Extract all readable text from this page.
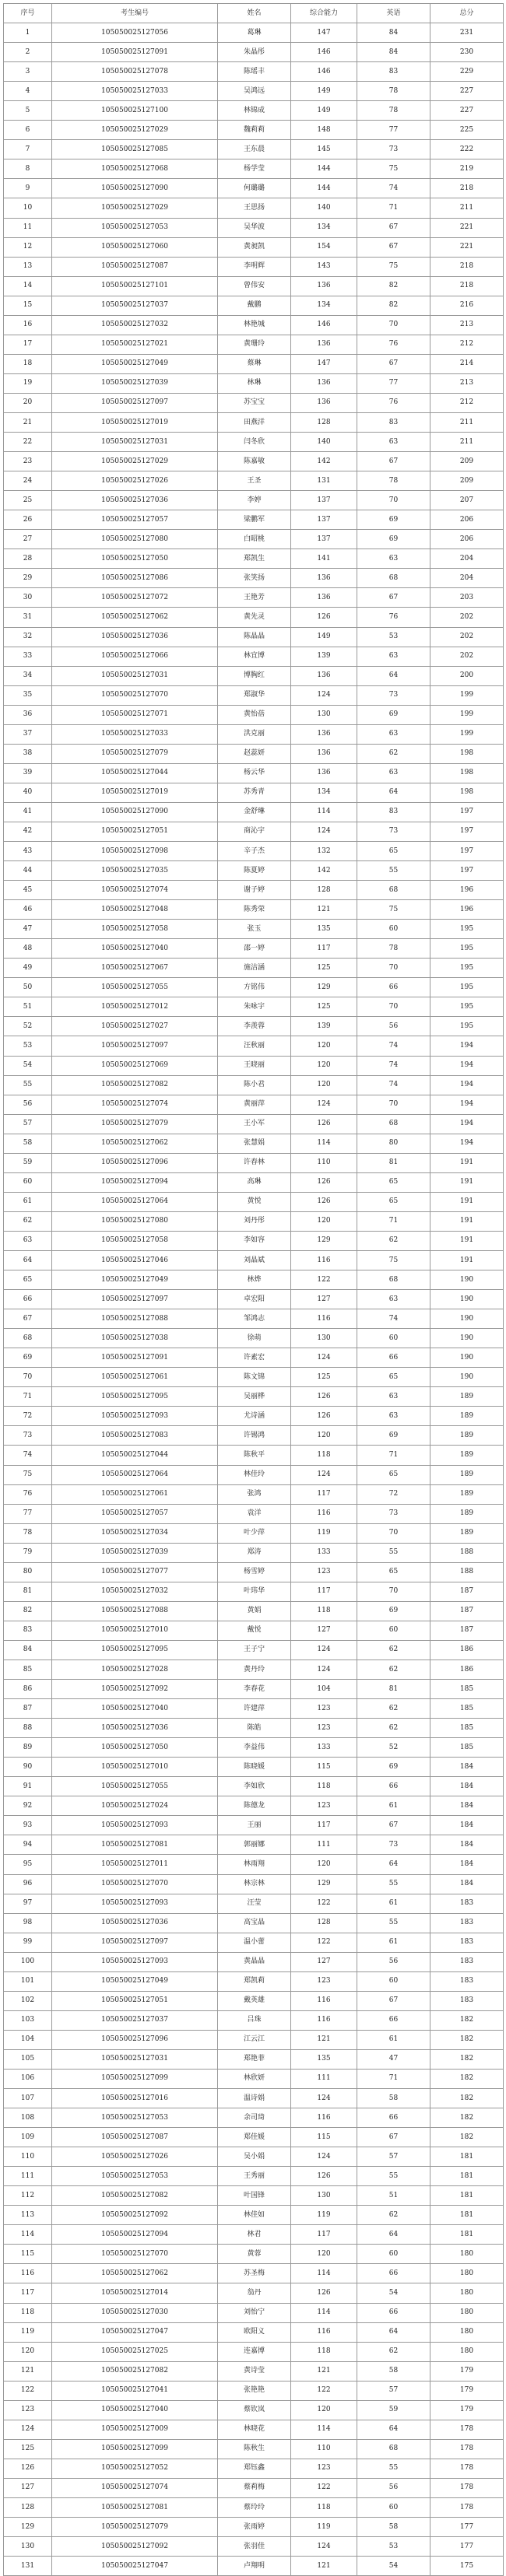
序号	考生编号	姓名	综合能力	英语	总分
1	105050025127056	葛琳	147	84	231
2	105050025127091	朱晶彤	146	84	230
3	105050025127078	陈瑶丰	146	83	229
4	105050025127033	吴鸿远	149	78	227
5	105050025127100	林锦成	149	78	227
6	105050025127029	魏莉莉	148	77	225
7	105050025127085	王东晨	145	73	222
8	105050025127068	杨学莹	144	75	219
9	105050025127090	何璐璐	144	74	218
10	105050025127029	王思扬	140	71	211
11	105050025127053	吴华波	134	67	221
12	105050025127060	黄昶凯	154	67	221
13	105050025127087	李明辉	143	75	218
14	105050025127101	曾伟安	136	82	218
15	105050025127037	戴鹏	134	82	216
16	105050025127032	林艳城	146	70	213
17	105050025127021	黄珊玲	136	76	212
18	105050025127049	蔡琳	147	67	214
19	105050025127039	林琳	136	77	213
20	105050025127097	苏宝宝	136	76	212
21	105050025127019	田燕洋	128	83	211
22	105050025127031	闫冬欣	140	63	211
23	105050025127029	陈嘉敏	142	67	209
24	105050025127026	王圣	131	78	209
25	105050025127036	李婷	137	70	207
26	105050025127057	梁鹏军	137	69	206
27	105050025127080	白昭桃	137	69	206
28	105050025127050	郑凯生	141	63	204
29	105050025127086	张笑扬	136	68	204
30	105050025127072	王艳芳	136	67	203
31	105050025127062	黄先灵	126	76	202
32	105050025127036	陈晶晶	149	53	202
33	105050025127066	林宜博	139	63	202
34	105050025127031	博胸红	136	64	200
35	105050025127070	郑淑华	124	73	199
36	105050025127071	黄怡蓓	130	69	199
37	105050025127033	洪克丽	136	63	199
38	105050025127079	赵蕊妍	136	62	198
39	105050025127044	杨云华	136	63	198
40	105050025127019	苏秀青	134	64	198
41	105050025127090	金舒琳	114	83	197
42	105050025127051	商沁宇	124	73	197
43	105050025127098	辛子杰	132	65	197
44	105050025127035	陈夏婷	142	55	197
45	105050025127074	谢子婷	128	68	196
46	105050025127048	陈秀荣	121	75	196
47	105050025127058	张玉	135	60	195
48	105050025127040	邵一婷	117	78	195
49	105050025127067	施洁涵	125	70	195
50	105050025127055	方铭伟	129	66	195
51	105050025127012	朱咏宇	125	70	195
52	105050025127027	李羡蓉	139	56	195
53	105050025127097	汪秋丽	120	74	194
54	105050025127069	王晓丽	120	74	194
55	105050025127082	陈小君	120	74	194
56	105050025127074	黄丽萍	124	70	194
57	105050025127079	王小军	126	68	194
58	105050025127062	张慧娟	114	80	194
59	105050025127096	许春林	110	81	191
60	105050025127094	高琳	126	65	191
61	105050025127064	黄悦	126	65	191
62	105050025127080	刘丹彤	120	71	191
63	105050025127058	李如容	129	62	191
64	105050025127046	刘晶斌	116	75	191
65	105050025127049	林烨	122	68	190
66	105050025127097	卓宏阳	127	63	190
67	105050025127088	邹鸿志	116	74	190
68	105050025127038	徐萌	130	60	190
69	105050025127091	许素宏	124	66	190
70	105050025127061	陈文锦	125	65	190
71	105050025127095	吴丽桦	126	63	189
72	105050025127093	尤诗涵	126	63	189
73	105050025127083	许锡鸿	120	69	189
74	105050025127044	陈秋平	118	71	189
75	105050025127064	林佳玲	124	65	189
76	105050025127061	张鸿	117	72	189
77	105050025127057	袁洋	116	73	189
78	105050025127034	叶少萍	119	70	189
79	105050025127039	郑涛	133	55	188
80	105050025127077	杨雪婷	123	65	188
81	105050025127032	叶玮华	117	70	187
82	105050025127088	黄娟	118	69	187
83	105050025127010	戴悦	127	60	187
84	105050025127095	王子宁	124	62	186
85	105050025127028	黄丹玲	124	62	186
86	105050025127092	李春花	104	81	185
87	105050025127040	许建萍	123	62	185
88	105050025127036	陈皓	123	62	185
89	105050025127050	李益伟	133	52	185
90	105050025127010	陈晓媛	115	69	184
91	105050025127055	李如欣	118	66	184
92	105050025127024	陈德龙	123	61	184
93	105050025127093	王丽	117	67	184
94	105050025127081	郭丽娜	111	73	184
95	105050025127011	林雨翔	120	64	184
96	105050025127070	林宗林	129	55	184
97	105050025127093	汪莹	122	61	183
98	105050025127036	高宝晶	128	55	183
99	105050025127097	温小蕾	122	61	183
100	105050025127093	黄晶晶	127	56	183
101	105050025127049	郑凯莉	123	60	183
102	105050025127051	戴英雄	116	67	183
103	105050025127037	吕珠	116	66	182
104	105050025127096	江云江	121	61	182
105	105050025127031	郑艳菲	135	47	182
106	105050025127099	林欣妍	111	71	182
107	105050025127016	温诗娟	124	58	182
108	105050025127053	余司琦	116	66	182
109	105050025127087	郑佳媛	115	67	182
110	105050025127026	吴小娟	124	57	181
111	105050025127053	王秀丽	126	55	181
112	105050025127082	叶国锋	130	51	181
113	105050025127092	林佳如	119	62	181
114	105050025127094	林君	117	64	181
115	105050025127070	黄蓉	120	60	180
116	105050025127062	苏圣梅	114	66	180
117	105050025127014	翁丹	126	54	180
118	105050025127030	刘怡宁	114	66	180
119	105050025127047	欧阳义	116	64	180
120	105050025127025	连嘉博	118	62	180
121	105050025127082	黄诗莹	121	58	179
122	105050025127041	张艳艳	122	57	179
123	105050025127040	蔡钦岚	120	59	179
124	105050025127009	林晓花	114	64	178
125	105050025127099	陈秋生	110	68	178
126	105050025127052	郑钰鑫	123	55	178
127	105050025127074	蔡莉梅	122	56	178
128	105050025127081	蔡玲玲	118	60	178
129	105050025127079	张雨婷	119	58	177
130	105050025127092	张羽佳	124	53	177
131	105050025127047	卢翔明	121	54	175
